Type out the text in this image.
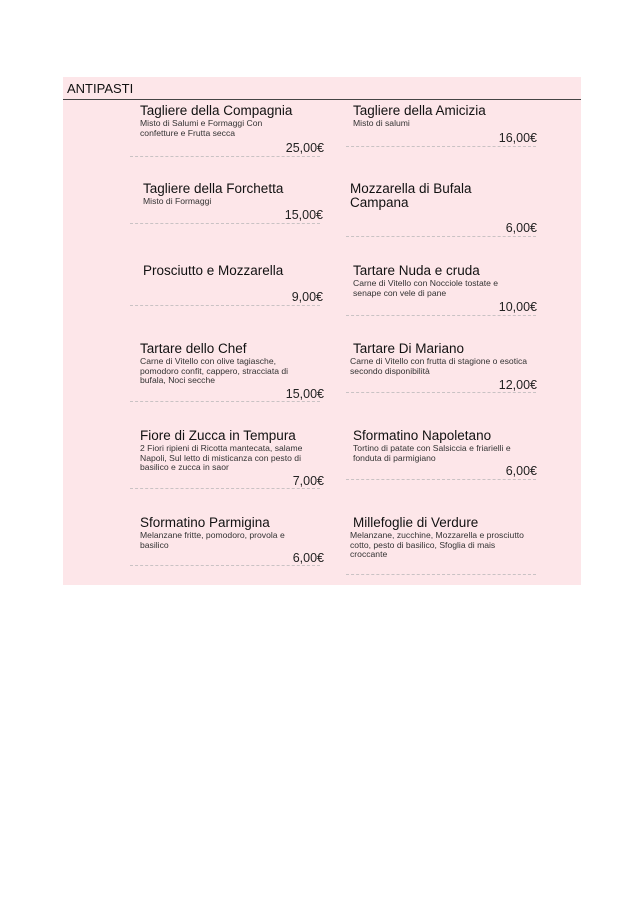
ANTIPASTI
Tagliere della Compagnia
Misto di Salumi e Formaggi Con confetture e Frutta secca
25,00€
Tagliere della Forchetta
Misto di Formaggi
15,00€
Prosciutto e Mozzarella
9,00€
Tartare dello Chef
Carne di Vitello con olive tagiasche, pomodoro confit, cappero, stracciata di bufala, Noci secche
15,00€
Fiore di Zucca in Tempura
2 Fiori ripieni di Ricotta mantecata, salame Napoli, Sul letto di misticanza con pesto di basilico e zucca in saor
7,00€
Sformatino Parmigina
Melanzane fritte, pomodoro, provola e basilico
6,00€
Tagliere della Amicizia
Misto di salumi
16,00€
Mozzarella di Bufala Campana
6,00€
Tartare Nuda e cruda
Carne di Vitello con Nocciole tostate e senape con vele di pane
10,00€
Tartare Di Mariano
Carne di Vitello con frutta di stagione o esotica secondo disponibilità
12,00€
Sformatino Napoletano
Tortino di patate con Salsiccia e friarielli e fonduta di parmigiano
6,00€
Millefoglie di Verdure
Melanzane, zucchine, Mozzarella e prosciutto cotto, pesto di basilico, Sfoglia di mais croccante
